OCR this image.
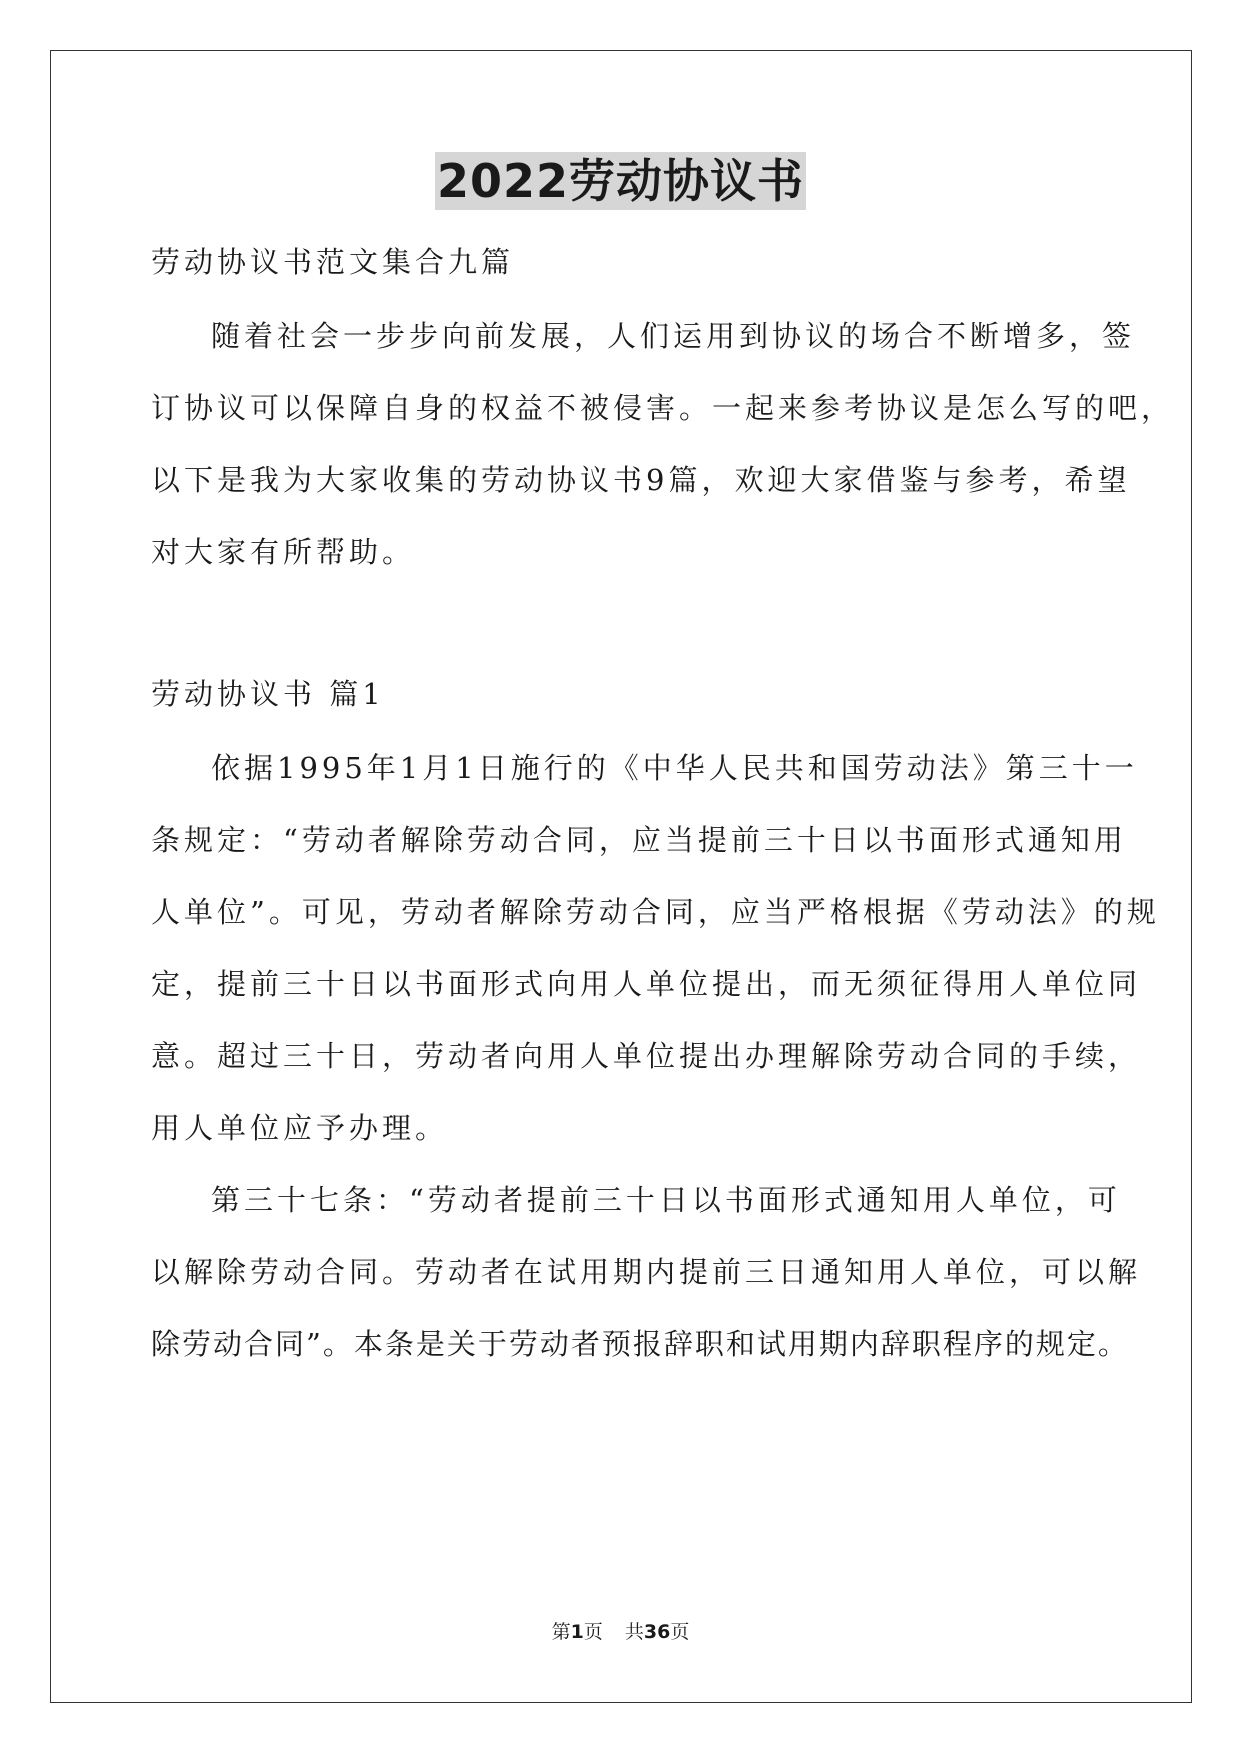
2022劳动协议书

劳动协议书范文集合九篇

随着社会一步步向前发展，人们运用到协议的场合不断增多，签

订协议可以保障自身的权益不被侵害。一起来参考协议是怎么写的吧，

以下是我为大家收集的劳动协议书9篇，欢迎大家借鉴与参考，希望

对大家有所帮助。

劳动协议书 篇1

依据1995年1月1日施行的《中华人民共和国劳动法》第三十一

条规定：“劳动者解除劳动合同，应当提前三十日以书面形式通知用

人单位”。可见，劳动者解除劳动合同，应当严格根据《劳动法》的规

定，提前三十日以书面形式向用人单位提出，而无须征得用人单位同

意。超过三十日，劳动者向用人单位提出办理解除劳动合同的手续，

用人单位应予办理。

第三十七条：“劳动者提前三十日以书面形式通知用人单位，可

以解除劳动合同。劳动者在试用期内提前三日通知用人单位，可以解

除劳动合同”。本条是关于劳动者预报辞职和试用期内辞职程序的规定。

第1页 共36页
